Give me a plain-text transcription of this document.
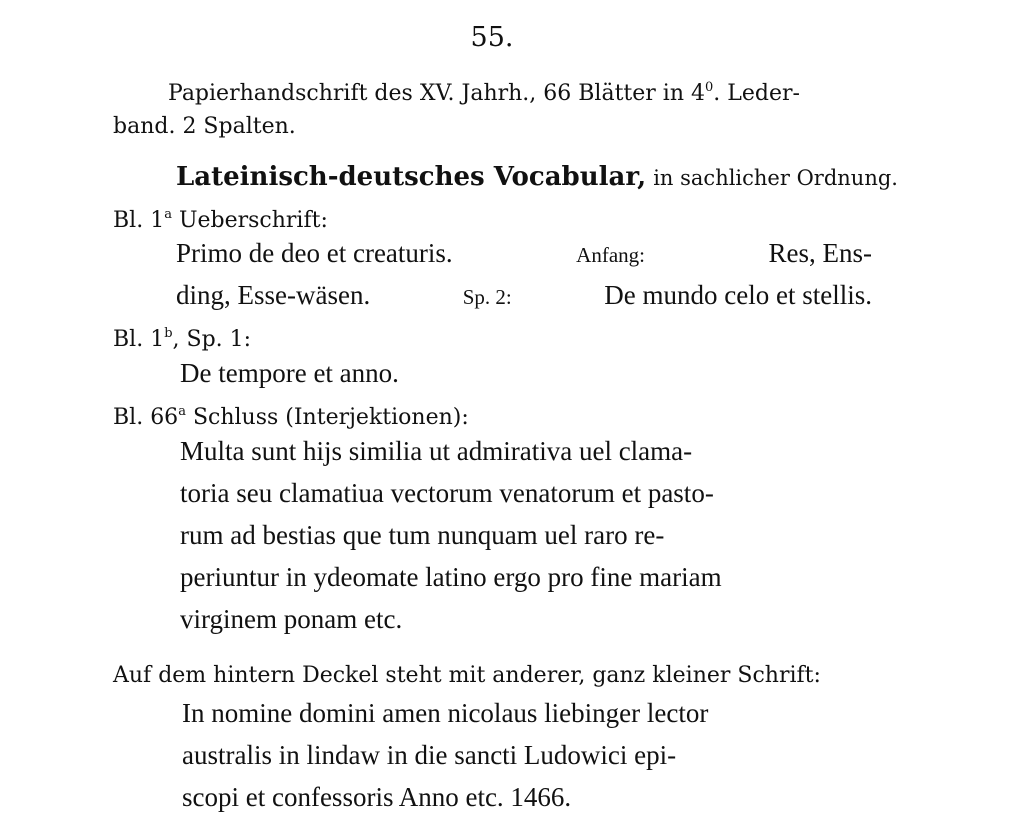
55.
Papierhandschrift des XV. Jahrh., 66 Blätter in $4^0$. Leder-
band. 2 Spalten.
Lateinisch-deutsches Vocabular, in sachlicher Ordnung.
Bl. 1$^a$ Ueberschrift:
Primo de deo et creaturis.	Anfang:	Res, Ens-
ding, Esse-wäsen.	Sp. 2:	De mundo celo et stellis.
Bl. 1$^b$, Sp. 1:
De tempore et anno.
Bl. 66$^a$ Schluss (Interjektionen):
Multa sunt hijs similia ut admirativa uel clama-
toria seu clamatiua vectorum venatorum et pasto-
rum ad bestias que tum nunquam uel raro re-
periuntur in ydeomate latino ergo pro fine mariam
virginem ponam etc.
Auf dem hintern Deckel steht mit anderer, ganz kleiner Schrift:
In nomine domini amen nicolaus liebinger lector
australis in lindaw in die sancti Ludowici epi-
scopi et confessoris Anno etc. 1466.
